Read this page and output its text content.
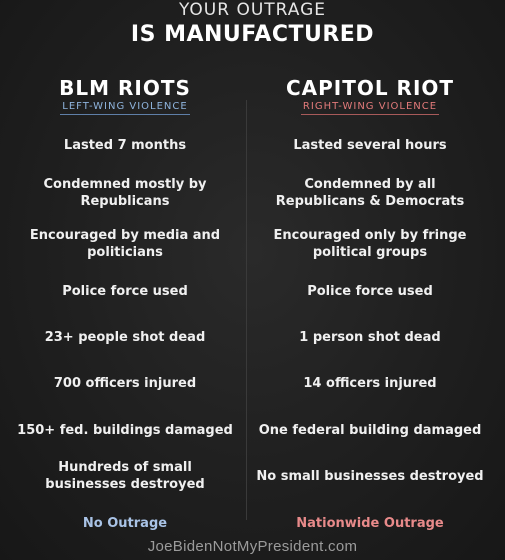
YOUR OUTRAGE
IS MANUFACTURED
BLM RIOTS
LEFT-WING VIOLENCE
Lasted 7 months
Condemned mostly by
Republicans
Encouraged by media and
politicians
Police force used
23+ people shot dead
700 officers injured
150+ fed. buildings damaged
Hundreds of small
businesses destroyed
No Outrage
CAPITOL RIOT
RIGHT-WING VIOLENCE
Lasted several hours
Condemned by all
Republicans & Democrats
Encouraged only by fringe
political groups
Police force used
1 person shot dead
14 officers injured
One federal building damaged
No small businesses destroyed
Nationwide Outrage
JoeBidenNotMyPresident.com
